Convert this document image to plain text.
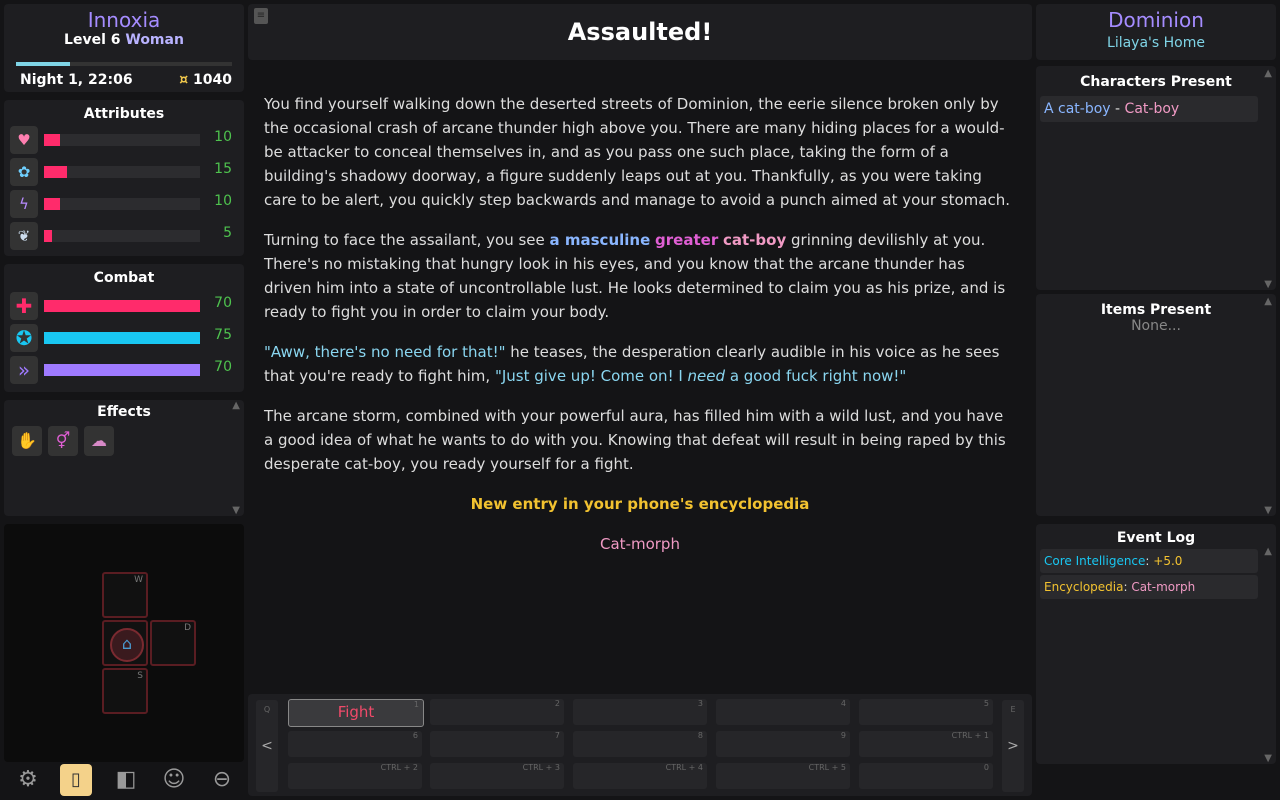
Innoxia
Level 6 Woman
Night 1, 22:06	¤ 1040
Attributes
♥	10
✿	15
ϟ	10
❦	5
Combat
✚	70
✪	75
»	70
Effects
✋	⚥	☁
▲
▼
W
⌂
D
S
⚙	▯	◧ ☺	⊖
Assaulted!
≡

You find yourself walking down the deserted streets of Dominion, the eerie silence broken only by the occasional crash of arcane thunder high above you. There are many hiding places for a would-be attacker to conceal themselves in, and as you pass one such place, taking the form of a building's shadowy doorway, a figure suddenly leaps out at you. Thankfully, as you were taking care to be alert, you quickly step backwards and manage to avoid a punch aimed at your stomach.

Turning to face the assailant, you see a masculine greater cat-boy grinning devilishly at you. There's no mistaking that hungry look in his eyes, and you know that the arcane thunder has driven him into a state of uncontrollable lust. He looks determined to claim you as his prize, and is ready to fight you in order to claim your body.

"Aww, there's no need for that!" he teases, the desperation clearly audible in his voice as he sees that you're ready to fight him, "Just give up! Come on! I need a good fuck right now!"

The arcane storm, combined with your powerful aura, has filled him with a wild lust, and you have a good idea of what he wants to do with you. Knowing that defeat will result in being raped by this desperate cat-boy, you ready yourself for a fight.

New entry in your phone's encyclopedia

Cat-morph

Q
<
E
>
Fight	1	2	3	4	5
6	7	8	9	CTRL + 1
CTRL + 2	CTRL + 3	CTRL + 4	CTRL + 5	0
Dominion
Lilaya's Home
Characters Present
▲
▼
A cat-boy - Cat-boy
Items Present
None...
▲
▼
Event Log
▲
▼
Core Intelligence: +5.0
Encyclopedia: Cat-morph
